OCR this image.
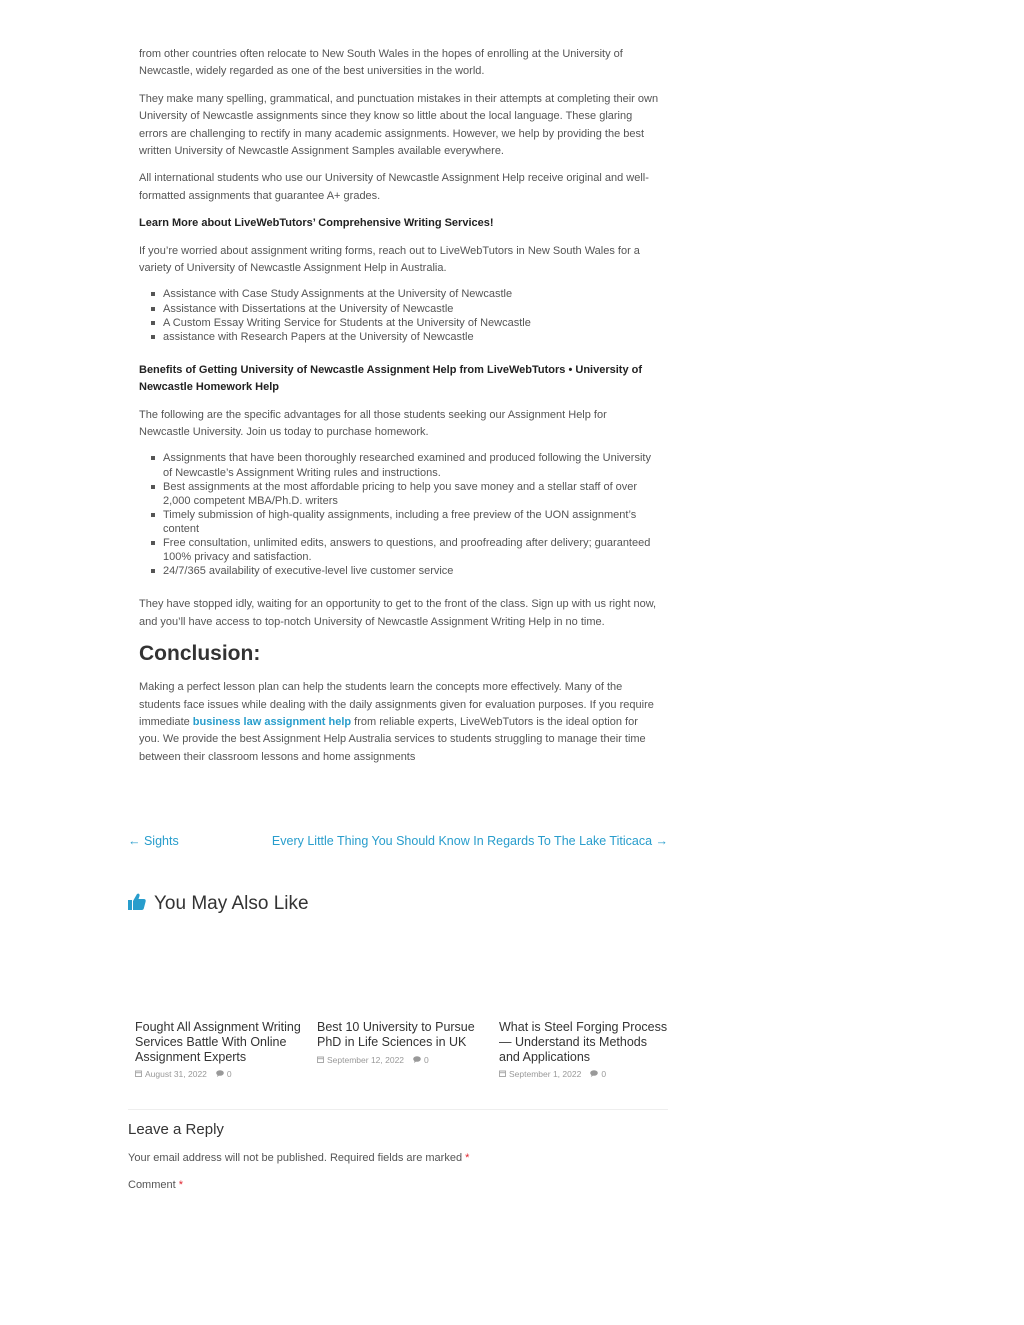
from other countries often relocate to New South Wales in the hopes of enrolling at the University of Newcastle, widely regarded as one of the best universities in the world.

They make many spelling, grammatical, and punctuation mistakes in their attempts at completing their own University of Newcastle assignments since they know so little about the local language. These glaring errors are challenging to rectify in many academic assignments. However, we help by providing the best written University of Newcastle Assignment Samples available everywhere.

All international students who use our University of Newcastle Assignment Help receive original and well-formatted assignments that guarantee A+ grades.

Learn More about LiveWebTutors’ Comprehensive Writing Services!

If you’re worried about assignment writing forms, reach out to LiveWebTutors in New South Wales for a variety of University of Newcastle Assignment Help in Australia.

Assistance with Case Study Assignments at the University of Newcastle
Assistance with Dissertations at the University of Newcastle
A Custom Essay Writing Service for Students at the University of Newcastle
assistance with Research Papers at the University of Newcastle

Benefits of Getting University of Newcastle Assignment Help from LiveWebTutors • University of Newcastle Homework Help

The following are the specific advantages for all those students seeking our Assignment Help for Newcastle University. Join us today to purchase homework.

Assignments that have been thoroughly researched examined and produced following the University of Newcastle’s Assignment Writing rules and instructions.
Best assignments at the most affordable pricing to help you save money and a stellar staff of over 2,000 competent MBA/Ph.D. writers
Timely submission of high-quality assignments, including a free preview of the UON assignment’s content
Free consultation, unlimited edits, answers to questions, and proofreading after delivery; guaranteed 100% privacy and satisfaction.
24/7/365 availability of executive-level live customer service

They have stopped idly, waiting for an opportunity to get to the front of the class. Sign up with us right now, and you’ll have access to top-notch University of Newcastle Assignment Writing Help in no time.

Conclusion:

Making a perfect lesson plan can help the students learn the concepts more effectively. Many of the students face issues while dealing with the daily assignments given for evaluation purposes. If you require immediate business law assignment help from reliable experts, LiveWebTutors is the ideal option for you. We provide the best Assignment Help Australia services to students struggling to manage their time between their classroom lessons and home assignments

← Sights	Every Little Thing You Should Know In Regards To The Lake Titicaca →
You May Also Like
Fought All Assignment Writing Services Battle With Online Assignment Experts
August 31, 2022 0
Best 10 University to Pursue PhD in Life Sciences in UK
September 12, 2022 0
What is Steel Forging Process — Understand its Methods and Applications
September 1, 2022 0
Leave a Reply

Your email address will not be published. Required fields are marked *

Comment *
